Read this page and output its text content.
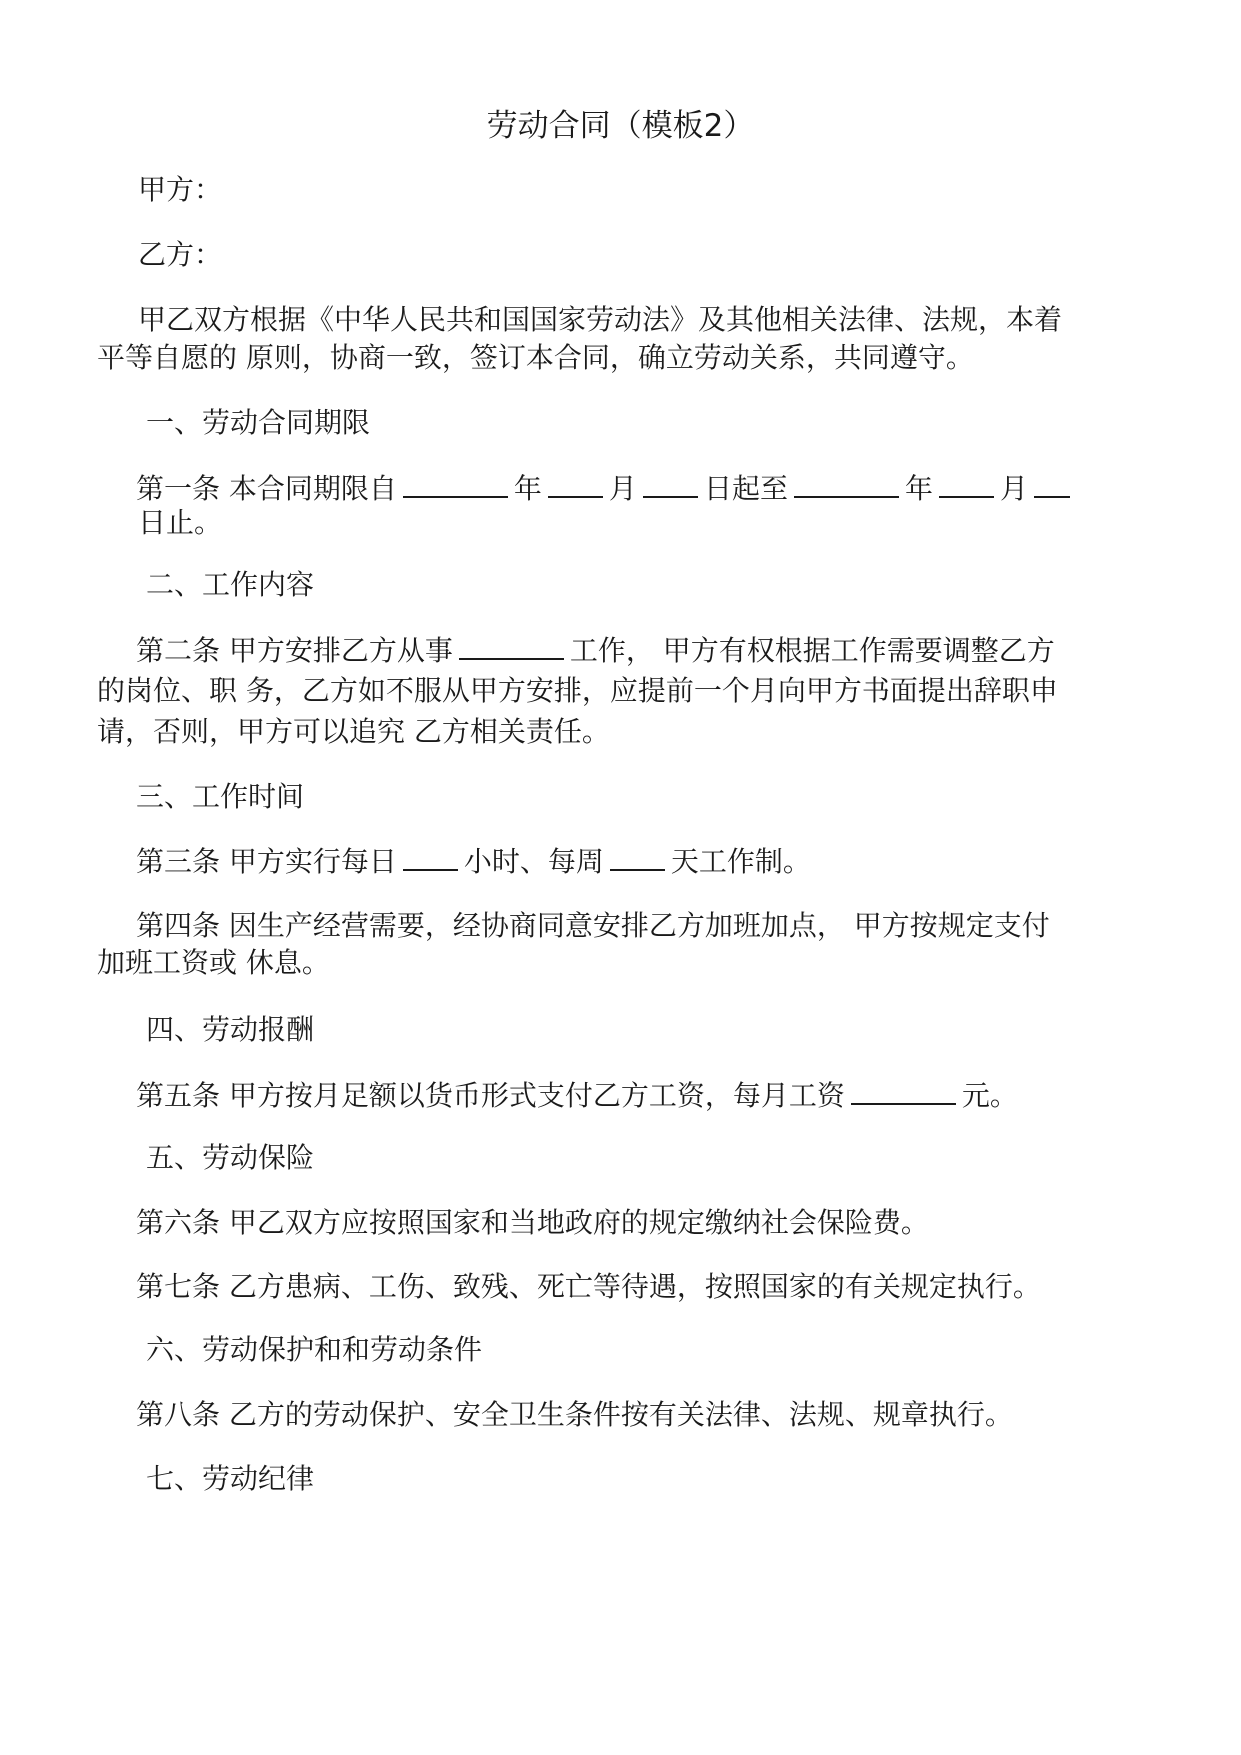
劳动合同（模板2）
甲方：
乙方：
甲乙双方根据《中华人民共和国国家劳动法》及其他相关法律、法规，本着
平等自愿的 原则，协商一致，签订本合同，确立劳动关系，共同遵守。
一、劳动合同期限
第一条 本合同期限自	年 月 日起至	年 月
日止。
二、工作内容
第二条 甲方安排乙方从事	工作， 甲方有权根据工作需要调整乙方
的岗位、职 务，乙方如不服从甲方安排，应提前一个月向甲方书面提出辞职申
请，否则，甲方可以追究 乙方相关责任。
三、工作时间
第三条 甲方实行每日 小时、每周 天工作制。
第四条 因生产经营需要，经协商同意安排乙方加班加点， 甲方按规定支付
加班工资或 休息。
四、劳动报酬
第五条 甲方按月足额以货币形式支付乙方工资，每月工资	元。
五、劳动保险
第六条 甲乙双方应按照国家和当地政府的规定缴纳社会保险费。
第七条 乙方患病、工伤、致残、死亡等待遇，按照国家的有关规定执行。
六、劳动保护和和劳动条件
第八条 乙方的劳动保护、安全卫生条件按有关法律、法规、规章执行。
七、劳动纪律
